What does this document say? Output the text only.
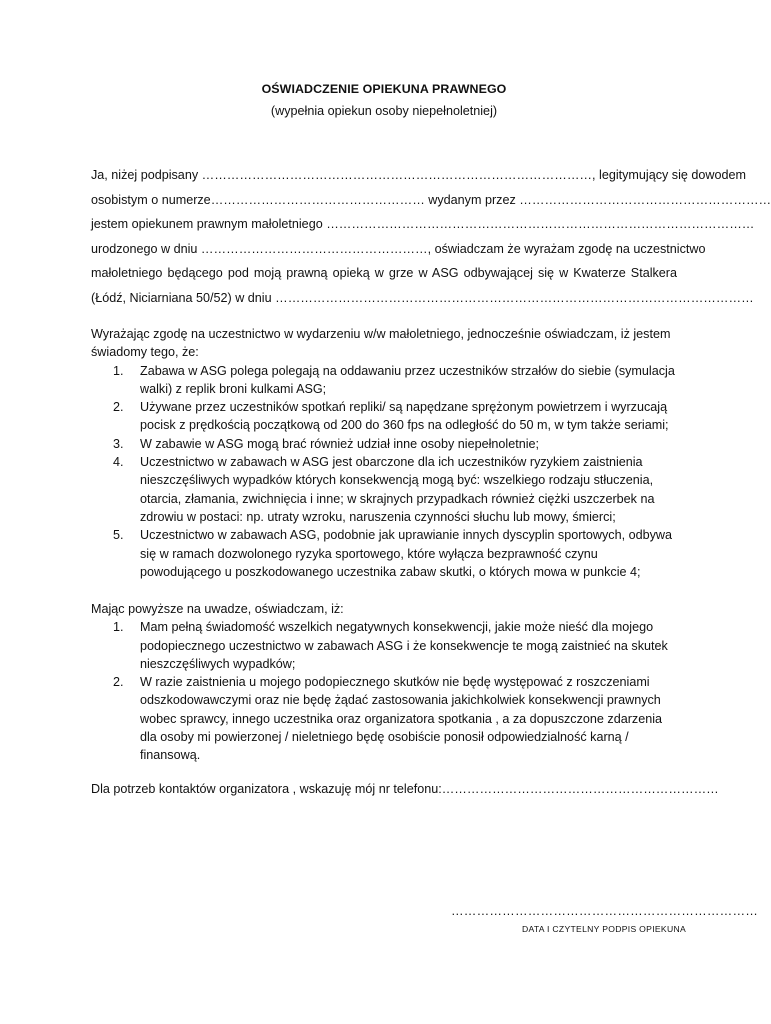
OŚWIADCZENIE OPIEKUNA PRAWNEGO
(wypełnia opiekun osoby niepełnoletniej)
Ja, niżej podpisany …………………………………………………………………………………, legitymujący się dowodem
osobistym o numerze…………………………………………… wydanym przez ……………………………………………………
jestem opiekunem prawnym małoletniego …………………………………………………………………………………………
urodzonego w dniu ………………………………………………, oświadczam że wyrażam zgodę na uczestnictwo
małoletniego będącego pod moją prawną opieką w grze w ASG odbywającej się w Kwaterze Stalkera
(Łódź, Niciarniana 50/52) w dniu ……………………………………………………………………………………………………

Wyrażając zgodę na uczestnictwo w wydarzeniu w/w małoletniego, jednocześnie oświadczam, iż jestem świadomy tego, że:

1. Zabawa w ASG polega polegają na oddawaniu przez uczestników strzałów do siebie (symulacja walki) z replik broni kulkami ASG;
2. Używane przez uczestników spotkań repliki/ są napędzane sprężonym powietrzem i wyrzucają pocisk z prędkością początkową od 200 do 360 fps na odległość do 50 m, w tym także seriami;
3. W zabawie w ASG mogą brać również udział inne osoby niepełnoletnie;
4. Uczestnictwo w zabawach w ASG jest obarczone dla ich uczestników ryzykiem zaistnienia nieszczęśliwych wypadków których konsekwencją mogą być: wszelkiego rodzaju stłuczenia, otarcia, złamania, zwichnięcia i inne; w skrajnych przypadkach również ciężki uszczerbek na zdrowiu w postaci: np. utraty wzroku, naruszenia czynności słuchu lub mowy, śmierci;
5. Uczestnictwo w zabawach ASG, podobnie jak uprawianie innych dyscyplin sportowych, odbywa się w ramach dozwolonego ryzyka sportowego, które wyłącza bezprawność czynu powodującego u poszkodowanego uczestnika zabaw skutki, o których mowa w punkcie 4;

Mając powyższe na uwadze, oświadczam, iż:

1. Mam pełną świadomość wszelkich negatywnych konsekwencji, jakie może nieść dla mojego podopiecznego uczestnictwo w zabawach ASG i że konsekwencje te mogą zaistnieć na skutek nieszczęśliwych wypadków;
2. W razie zaistnienia u mojego podopiecznego skutków nie będę występować z roszczeniami odszkodowawczymi oraz nie będę żądać zastosowania jakichkolwiek konsekwencji prawnych wobec sprawcy, innego uczestnika oraz organizatora spotkania , a za dopuszczone zdarzenia dla osoby mi powierzonej / nieletniego będę osobiście ponosił odpowiedzialność karną / finansową.
Dla potrzeb kontaktów organizatora , wskazuję mój nr telefonu:…………………………………………………………
………………………………………………………………
DATA I CZYTELNY PODPIS OPIEKUNA
